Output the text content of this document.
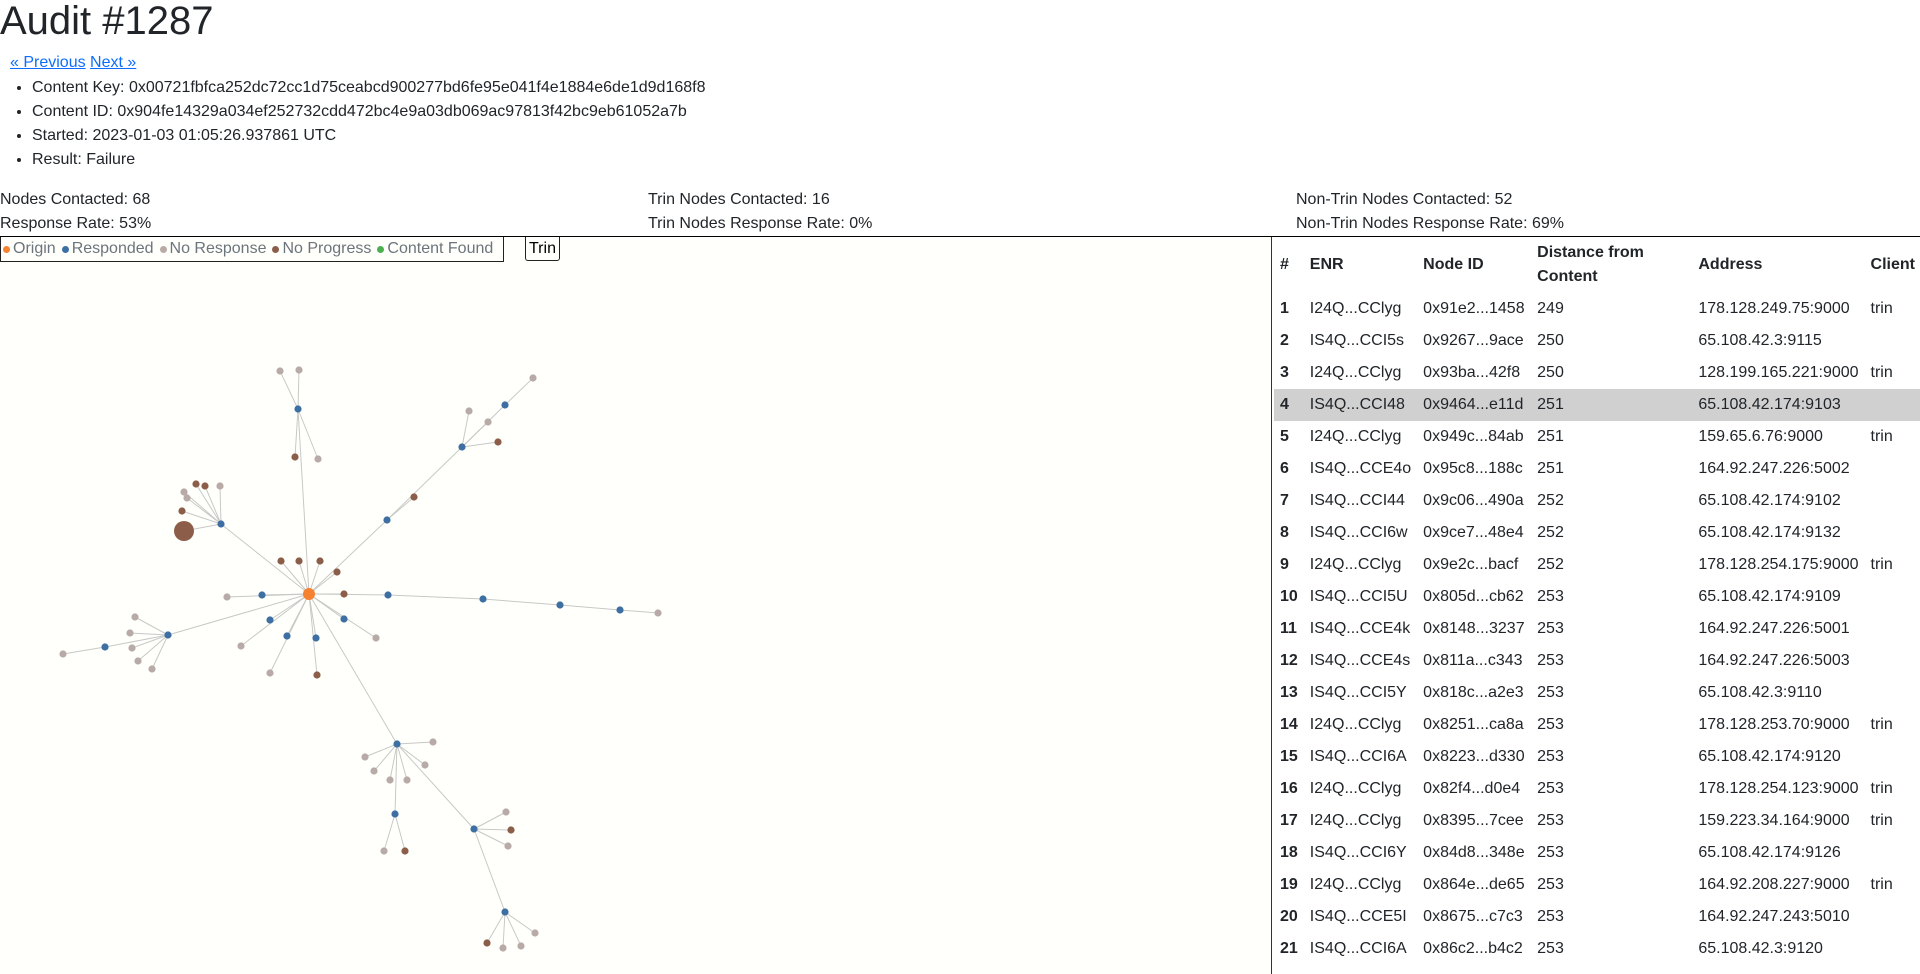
Audit #1287
« Previous Next »
• Content Key: 0x00721fbfca252dc72cc1d75ceabcd900277bd6fe95e041f4e1884e6de1d9d168f8
• Content ID: 0x904fe14329a034ef252732cdd472bc4e9a03db069ac97813f42bc9eb61052a7b
• Started: 2023-01-03 01:05:26.937861 UTC
• Result: Failure
Nodes Contacted: 68
Response Rate: 53%
Trin Nodes Contacted: 16
Trin Nodes Response Rate: 0%
Non-Trin Nodes Contacted: 52
Non-Trin Nodes Response Rate: 69%
Origin Responded No Response No Progress Content Found Trin
#	ENR	Node ID	Distance from Content	Address	Client
1	I24Q...CClyg	0x91e2...1458	249	178.128.249.75:9000	trin
2	IS4Q...CCI5s	0x9267...9ace	250	65.108.42.3:9115	
3	I24Q...CClyg	0x93ba...42f8	250	128.199.165.221:9000	trin
4	IS4Q...CCI48	0x9464...e11d	251	65.108.42.174:9103	
5	I24Q...CClyg	0x949c...84ab	251	159.65.6.76:9000	trin
6	IS4Q...CCE4o	0x95c8...188c	251	164.92.247.226:5002	
7	IS4Q...CCI44	0x9c06...490a	252	65.108.42.174:9102	
8	IS4Q...CCI6w	0x9ce7...48e4	252	65.108.42.174:9132	
9	I24Q...CClyg	0x9e2c...bacf	252	178.128.254.175:9000	trin
10	IS4Q...CCI5U	0x805d...cb62	253	65.108.42.174:9109	
11	IS4Q...CCE4k	0x8148...3237	253	164.92.247.226:5001	
12	IS4Q...CCE4s	0x811a...c343	253	164.92.247.226:5003	
13	IS4Q...CCI5Y	0x818c...a2e3	253	65.108.42.3:9110	
14	I24Q...CClyg	0x8251...ca8a	253	178.128.253.70:9000	trin
15	IS4Q...CCI6A	0x8223...d330	253	65.108.42.174:9120	
16	I24Q...CClyg	0x82f4...d0e4	253	178.128.254.123:9000	trin
17	I24Q...CClyg	0x8395...7cee	253	159.223.34.164:9000	trin
18	IS4Q...CCI6Y	0x84d8...348e	253	65.108.42.174:9126	
19	I24Q...CClyg	0x864e...de65	253	164.92.208.227:9000	trin
20	IS4Q...CCE5I	0x8675...c7c3	253	164.92.247.243:5010	
21	IS4Q...CCI6A	0x86c2...b4c2	253	65.108.42.3:9120	
